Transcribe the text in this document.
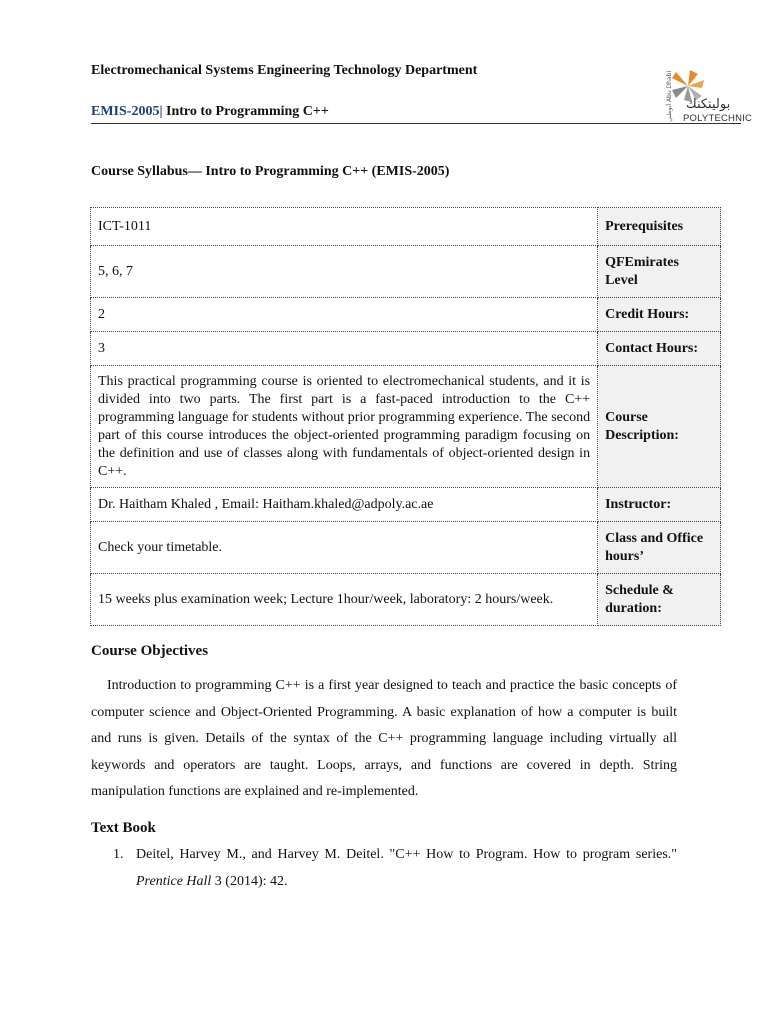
Electromechanical Systems Engineering Technology Department
EMIS-2005| Intro to Programming C++	بوليتكنك
POLYTECHNIC
أبوظبي Abu Dhabi
Course Syllabus— Intro to Programming C++ (EMIS-2005)
ICT-1011	Prerequisites
5, 6, 7	QFEmirates Level
2	Credit Hours:
3	Contact Hours:
This practical programming course is oriented to electromechanical students, and it is divided into two parts. The first part is a fast-paced introduction to the C++ programming language for students without prior programming experience. The second part of this course introduces the object-oriented programming paradigm focusing on the definition and use of classes along with fundamentals of object-oriented design in C++.	Course Description:
Dr. Haitham Khaled , Email: Haitham.khaled@adpoly.ac.ae	Instructor:
Check your timetable.	Class and Office hours’
15 weeks plus examination week; Lecture 1hour/week, laboratory: 2 hours/week.	Schedule & duration:
Course Objectives

Introduction to programming C++ is a first year designed to teach and practice the basic concepts of computer science and Object-Oriented Programming. A basic explanation of how a computer is built and runs is given. Details of the syntax of the C++ programming language including virtually all keywords and operators are taught. Loops, arrays, and functions are covered in depth. String manipulation functions are explained and re-implemented.

Text Book
1. Deitel, Harvey M., and Harvey M. Deitel. "C++ How to Program. How to program series." Prentice Hall 3 (2014): 42.
